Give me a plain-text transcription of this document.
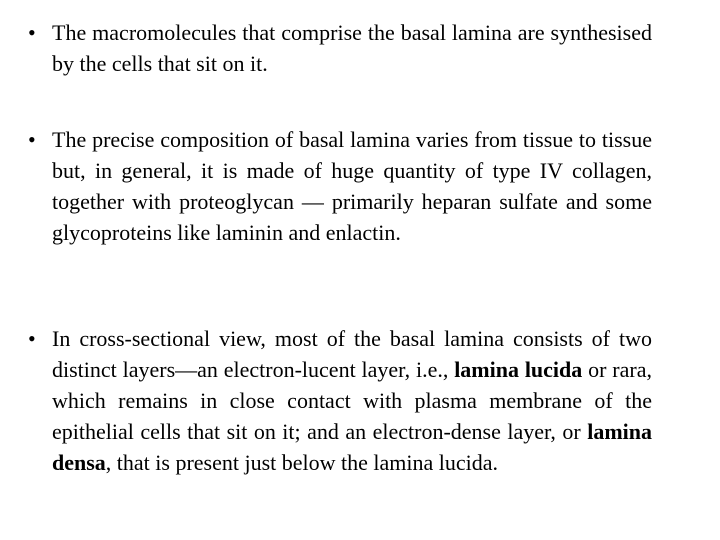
• The macromolecules that comprise the basal lamina are synthesised by the cells that sit on it.
• The precise composition of basal lamina varies from tissue to tissue but, in general, it is made of huge quantity of type IV collagen, together with proteoglycan — primarily heparan sulfate and some glycoproteins like laminin and enlactin.
• In cross-sectional view, most of the basal lamina consists of two distinct layers—an electron-lucent layer, i.e., lamina lucida or rara, which remains in close contact with plasma membrane of the epithelial cells that sit on it; and an electron-dense layer, or lamina densa, that is present just below the lamina lucida.
